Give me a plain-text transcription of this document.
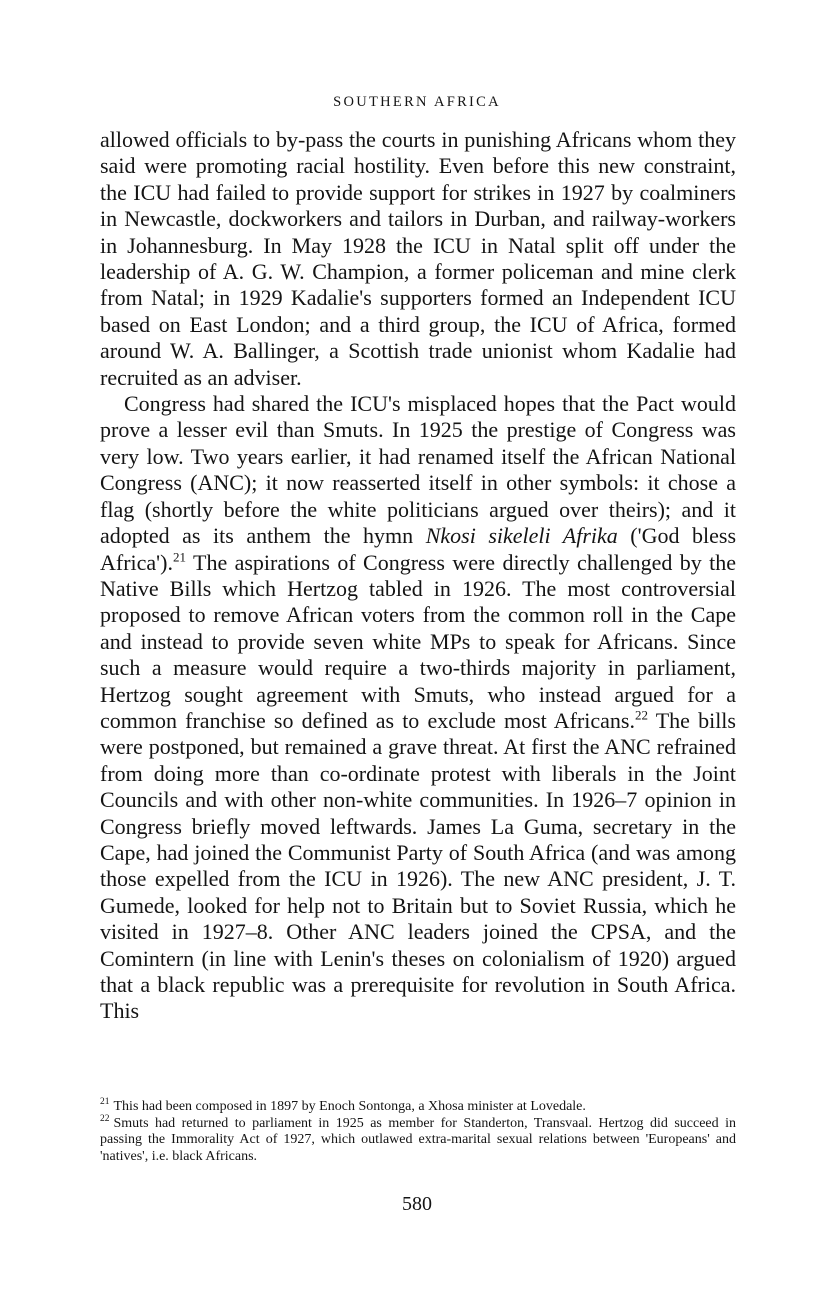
SOUTHERN AFRICA

allowed officials to by-pass the courts in punishing Africans whom they said were promoting racial hostility. Even before this new constraint, the ICU had failed to provide support for strikes in 1927 by coalminers in Newcastle, dockworkers and tailors in Durban, and railway-workers in Johannesburg. In May 1928 the ICU in Natal split off under the leadership of A. G. W. Champion, a former policeman and mine clerk from Natal; in 1929 Kadalie's supporters formed an Independent ICU based on East London; and a third group, the ICU of Africa, formed around W. A. Ballinger, a Scottish trade unionist whom Kadalie had recruited as an adviser.

Congress had shared the ICU's misplaced hopes that the Pact would prove a lesser evil than Smuts. In 1925 the prestige of Congress was very low. Two years earlier, it had renamed itself the African National Congress (ANC); it now reasserted itself in other symbols: it chose a flag (shortly before the white politicians argued over theirs); and it adopted as its anthem the hymn Nkosi sikeleli Afrika ('God bless Africa').$^{21}$ The aspirations of Congress were directly challenged by the Native Bills which Hertzog tabled in 1926. The most controversial proposed to remove African voters from the common roll in the Cape and instead to provide seven white MPs to speak for Africans. Since such a measure would require a two-thirds majority in parliament, Hertzog sought agreement with Smuts, who instead argued for a common franchise so defined as to exclude most Africans.$^{22}$ The bills were postponed, but remained a grave threat. At first the ANC refrained from doing more than co-ordinate protest with liberals in the Joint Councils and with other non-white communities. In 1926–7 opinion in Congress briefly moved leftwards. James La Guma, secretary in the Cape, had joined the Communist Party of South Africa (and was among those expelled from the ICU in 1926). The new ANC president, J. T. Gumede, looked for help not to Britain but to Soviet Russia, which he visited in 1927–8. Other ANC leaders joined the CPSA, and the Comintern (in line with Lenin's theses on colonialism of 1920) argued that a black republic was a prerequisite for revolution in South Africa. This

$^{21}$ This had been composed in 1897 by Enoch Sontonga, a Xhosa minister at Lovedale.

$^{22}$ Smuts had returned to parliament in 1925 as member for Standerton, Transvaal. Hertzog did succeed in passing the Immorality Act of 1927, which outlawed extra-marital sexual relations between 'Europeans' and 'natives', i.e. black Africans.

580
